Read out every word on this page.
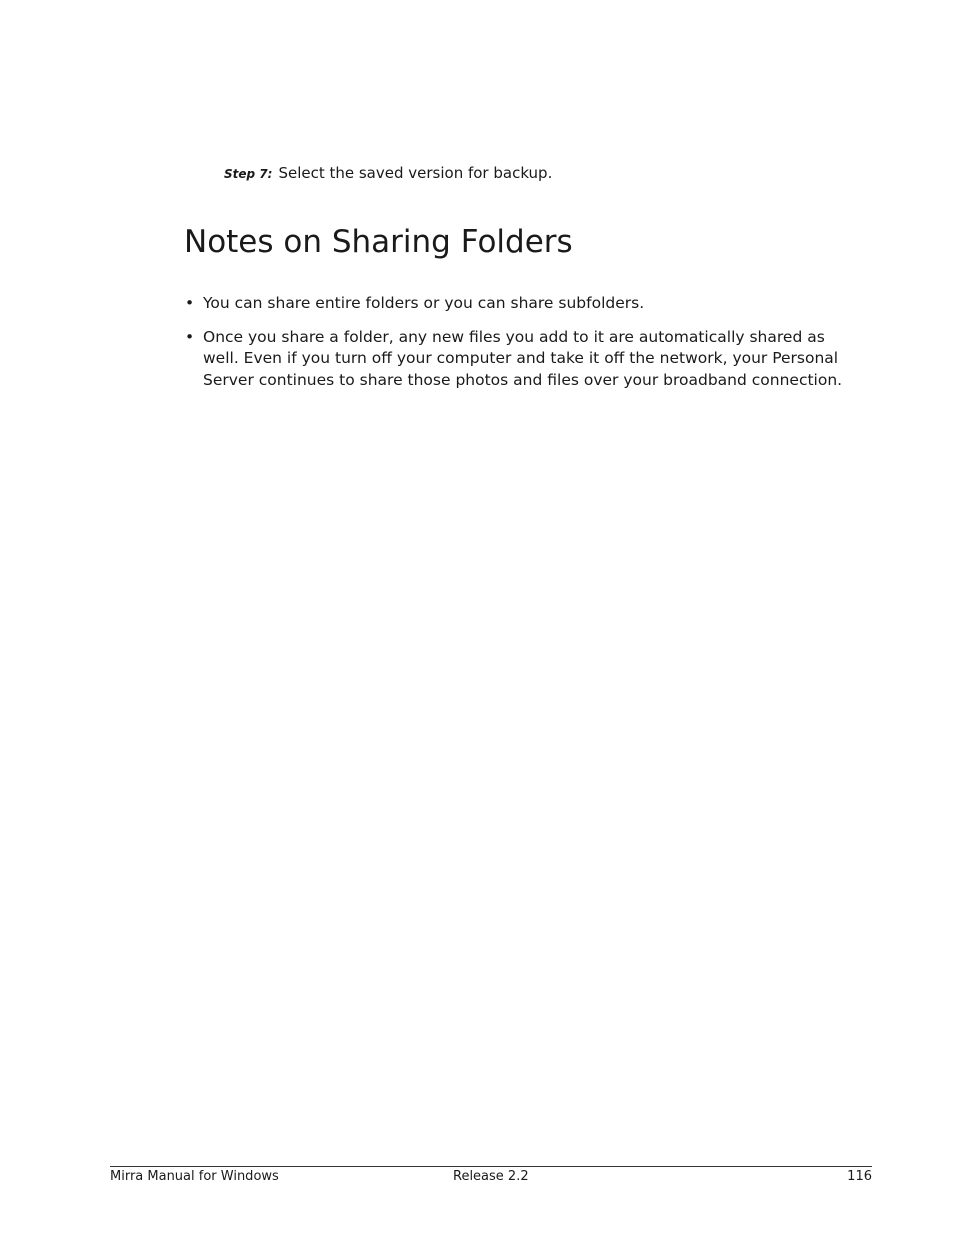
Step 7: Select the saved version for backup.
Notes on Sharing Folders
• You can share entire folders or you can share subfolders.
• Once you share a folder, any new files you add to it are automatically shared as well. Even if you turn off your computer and take it off the network, your Personal Server continues to share those photos and files over your broadband connection.
Mirra Manual for Windows	Release 2.2	116
